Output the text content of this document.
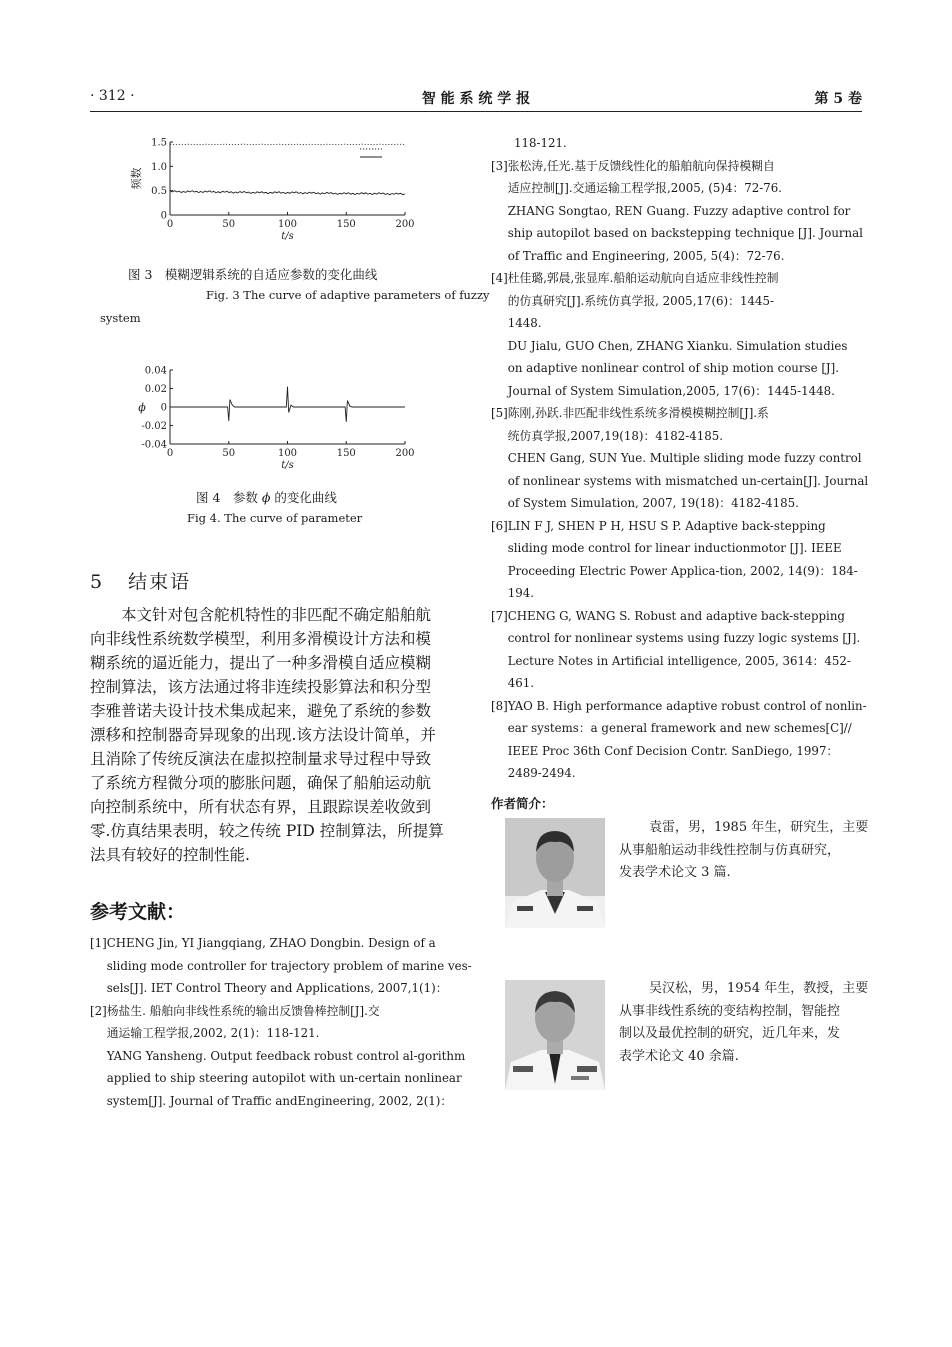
· 312 ·	智 能 系 统 学 报	第 5 卷
0	50	100	150	200
0
0.5
1.0
1.5
t/s
频数
图 3　模糊逻辑系统的自适应参数的变化曲线
Fig. 3 The curve of adaptive parameters of fuzzy
system
0	50	100	150	200
-0.04
-0.02
0
0.02
0.04
t/s
ϕ
图 4　参数 ϕ 的变化曲线
Fig 4. The curve of parameter
5 结束语
本文针对包含舵机特性的非匹配不确定船舶航
向非线性系统数学模型，利用多滑模设计方法和模
糊系统的逼近能力，提出了一种多滑模自适应模糊
控制算法，该方法通过将非连续投影算法和积分型
李雅普诺夫设计技术集成起来，避免了系统的参数
漂移和控制器奇异现象的出现.该方法设计简单，并
且消除了传统反演法在虚拟控制量求导过程中导致
了系统方程微分项的膨胀问题，确保了船舶运动航
向控制系统中，所有状态有界，且跟踪误差收敛到
零.仿真结果表明，较之传统 PID 控制算法，所提算
法具有较好的控制性能.
参考文献：
[1] CHENG Jin, YI Jiangqiang, ZHAO Dongbin. Design of a
sliding mode controller for trajectory problem of marine ves-
sels[J]. IET Control Theory and Applications, 2007,1(1)：
[2] 杨盐生. 船舶向非线性系统的输出反馈鲁棒控制[J].交
通运输工程学报,2002, 2(1)：118-121.
YANG Yansheng. Output feedback robust control al-gorithm
applied to ship steering autopilot with un-certain nonlinear
system[J]. Journal of Traffic andEngineering, 2002, 2(1)：
118-121.
[3] 张松涛,任光.基于反馈线性化的船舶航向保持模糊自
适应控制[J].交通运输工程学报,2005, (5)4：72-76.
ZHANG Songtao, REN Guang. Fuzzy adaptive control for
ship autopilot based on backstepping technique [J]. Journal
of Traffic and Engineering, 2005, 5(4)：72-76.
[4] 杜佳璐,郭晨,张显库.船舶运动航向自适应非线性控制
的仿真研究[J].系统仿真学报, 2005,17(6)：1445-
1448.
DU Jialu, GUO Chen, ZHANG Xianku. Simulation studies
on adaptive nonlinear control of ship motion course [J].
Journal of System Simulation,2005, 17(6)：1445-1448.
[5] 陈刚,孙跃.非匹配非线性系统多滑模模糊控制[J].系
统仿真学报,2007,19(18)：4182-4185.
CHEN Gang, SUN Yue. Multiple sliding mode fuzzy control
of nonlinear systems with mismatched un-certain[J]. Journal
of System Simulation, 2007, 19(18)：4182-4185.
[6] LIN F J, SHEN P H, HSU S P. Adaptive back-stepping
sliding mode control for linear inductionmotor [J]. IEEE
Proceeding Electric Power Applica-tion, 2002, 14(9)：184-
194.
[7] CHENG G, WANG S. Robust and adaptive back-stepping
control for nonlinear systems using fuzzy logic systems [J].
Lecture Notes in Artificial intelligence, 2005, 3614：452-
461.
[8] YAO B. High performance adaptive robust control of nonlin-
ear systems：a general framework and new schemes[C]//
IEEE Proc 36th Conf Decision Contr. SanDiego, 1997：
2489-2494.
作者简介：
袁雷，男，1985 年生，研究生，主要
从事船舶运动非线性控制与仿真研究，
发表学术论文 3 篇.
吴汉松，男，1954 年生，教授，主要
从事非线性系统的变结构控制，智能控
制以及最优控制的研究，近几年来，发
表学术论文 40 余篇.
